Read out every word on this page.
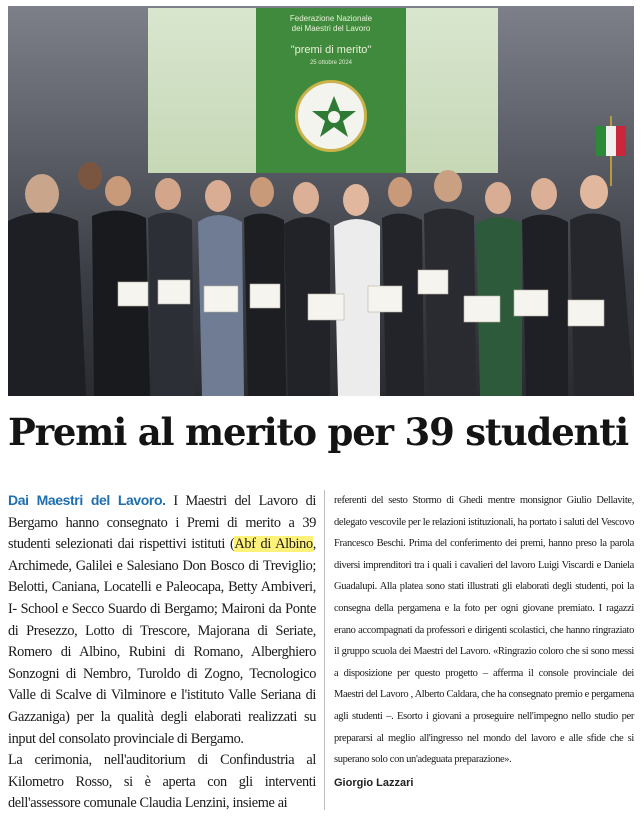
Federazione Nazionale
dei Maestri del Lavoro
"premi di merito"
25 ottobre 2024
Premi al merito per 39 studenti

Dai Maestri del Lavoro. I Maestri del Lavoro di Bergamo hanno consegnato i Premi di merito a 39 studenti selezionati dai rispettivi istituti (Abf di Albino, Archimede, Galilei e Salesiano Don Bosco di Treviglio; Belotti, Caniana, Locatelli e Paleocapa, Betty Ambiveri, I- School e Secco Suardo di Bergamo; Maironi da Ponte di Presezzo, Lotto di Trescore, Majorana di Seriate, Romero di Albino, Rubini di Romano, Alberghiero Sonzogni di Nembro, Turoldo di Zogno, Tecnologico Valle di Scalve di Vilminore e l'istituto Valle Seriana di Gazzaniga) per la qualità degli elaborati realizzati su input del consolato provinciale di Bergamo.

La cerimonia, nell'auditorium di Confindustria al Kilometro Rosso, si è aperta con gli interventi dell'assessore comunale Claudia Lenzini, insieme ai

referenti del sesto Stormo di Ghedi mentre monsignor Giulio Dellavite, delegato vescovile per le relazioni istituzionali, ha portato i saluti del Vescovo Francesco Beschi. Prima del conferimento dei premi, hanno preso la parola diversi imprenditori tra i quali i cavalieri del lavoro Luigi Viscardi e Daniela Guadalupi. Alla platea sono stati illustrati gli elaborati degli studenti, poi la consegna della pergamena e la foto per ogni giovane premiato. I ragazzi erano accompagnati da professori e dirigenti scolastici, che hanno ringraziato il gruppo scuola dei Maestri del Lavoro. «Ringrazio coloro che si sono messi a disposizione per questo progetto – afferma il console provinciale dei Maestri del Lavoro , Alberto Caldara, che ha consegnato premio e pergamena agli studenti –. Esorto i giovani a proseguire nell'impegno nello studio per prepararsi al meglio all'ingresso nel mondo del lavoro e alle sfide che si superano solo con un'adeguata preparazione».

Giorgio Lazzari
